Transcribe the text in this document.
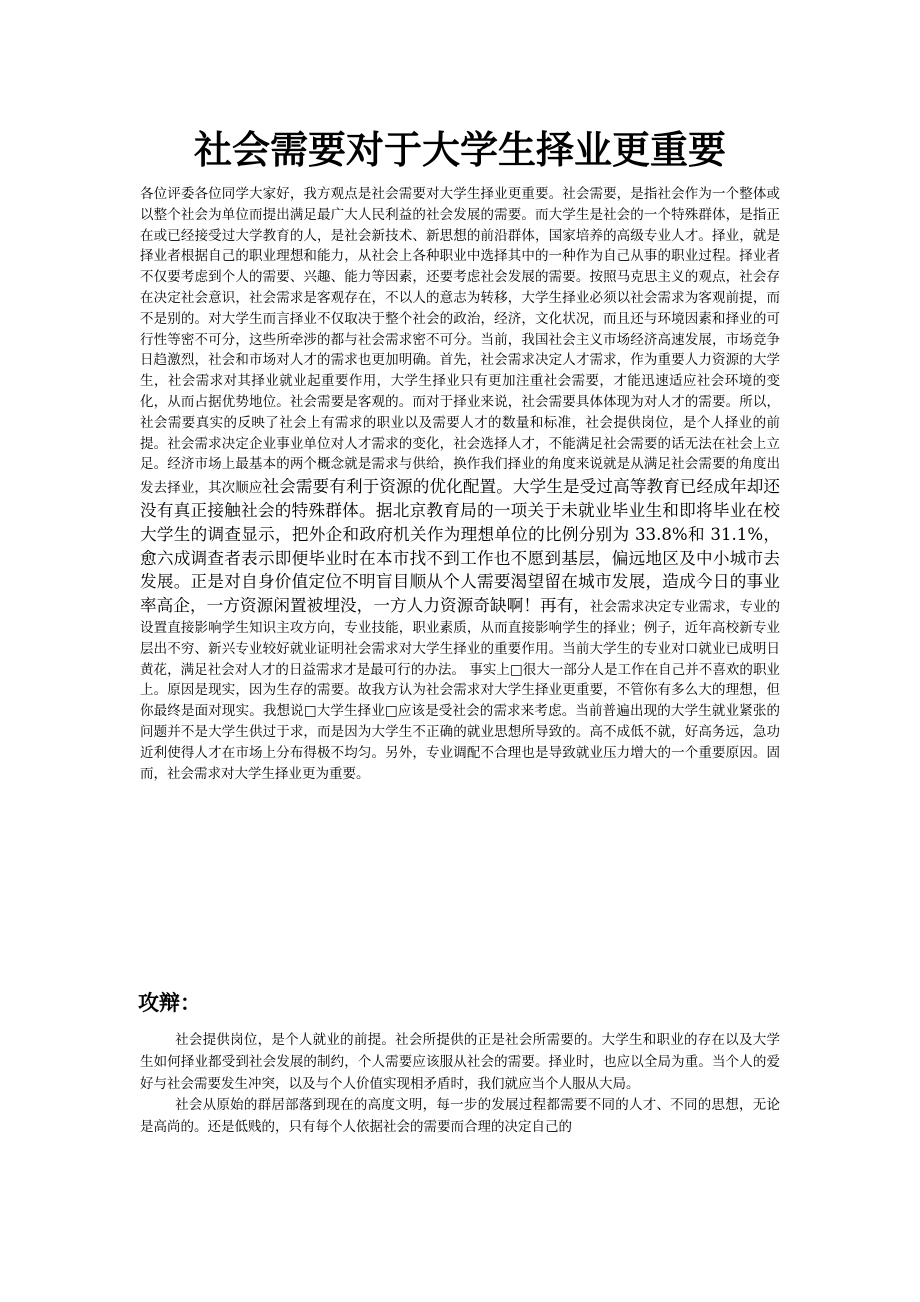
社会需要对于大学生择业更重要

各位评委各位同学大家好，我方观点是社会需要对大学生择业更重要。社会需要，是指社会作为一个整体或以整个社会为单位而提出满足最广大人民利益的社会发展的需要。而大学生是社会的一个特殊群体，是指正在或已经接受过大学教育的人，是社会新技术、新思想的前沿群体，国家培养的高级专业人才。择业，就是择业者根据自己的职业理想和能力，从社会上各种职业中选择其中的一种作为自己从事的职业过程。择业者不仅要考虑到个人的需要、兴趣、能力等因素，还要考虑社会发展的需要。按照马克思主义的观点，社会存在决定社会意识，社会需求是客观存在，不以人的意志为转移，大学生择业必须以社会需求为客观前提，而不是别的。对大学生而言择业不仅取决于整个社会的政治，经济，文化状况，而且还与环境因素和择业的可行性等密不可分，这些所牵涉的都与社会需求密不可分。当前，我国社会主义市场经济高速发展，市场竞争日趋激烈，社会和市场对人才的需求也更加明确。首先，社会需求决定人才需求，作为重要人力资源的大学生，社会需求对其择业就业起重要作用，大学生择业只有更加注重社会需要，才能迅速适应社会环境的变化，从而占据优势地位。社会需要是客观的。而对于择业来说，社会需要具体体现为对人才的需要。所以，社会需要真实的反映了社会上有需求的职业以及需要人才的数量和标准，社会提供岗位，是个人择业的前提。社会需求决定企业事业单位对人才需求的变化，社会选择人才，不能满足社会需要的话无法在社会上立足。经济市场上最基本的两个概念就是需求与供给，换作我们择业的角度来说就是从满足社会需要的角度出发去择业，其次顺应社会需要有利于资源的优化配置。大学生是受过高等教育已经成年却还没有真正接触社会的特殊群体。据北京教育局的一项关于未就业毕业生和即将毕业在校大学生的调查显示，把外企和政府机关作为理想单位的比例分别为 33.8%和 31.1%，愈六成调查者表示即便毕业时在本市找不到工作也不愿到基层，偏远地区及中小城市去发展。正是对自身价值定位不明盲目顺从个人需要渴望留在城市发展，造成今日的事业率高企，一方资源闲置被埋没，一方人力资源奇缺啊！再有，社会需求决定专业需求，专业的设置直接影响学生知识主攻方向，专业技能，职业素质，从而直接影响学生的择业；例子，近年高校新专业层出不穷、新兴专业较好就业证明社会需求对大学生择业的重要作用。当前大学生的专业对口就业已成明日黄花，满足社会对人才的日益需求才是最可行的办法。 事实上□很大一部分人是工作在自己并不喜欢的职业上。原因是现实，因为生存的需要。故我方认为社会需求对大学生择业更重要，不管你有多么大的理想，但你最终是面对现实。我想说□大学生择业□应该是受社会的需求来考虑。当前普遍出现的大学生就业紧张的问题并不是大学生供过于求，而是因为大学生不正确的就业思想所导致的。高不成低不就，好高务远，急功近利使得人才在市场上分布得极不均匀。另外，专业调配不合理也是导致就业压力增大的一个重要原因。固而，社会需求对大学生择业更为重要。

攻辩：

社会提供岗位，是个人就业的前提。社会所提供的正是社会所需要的。大学生和职业的存在以及大学生如何择业都受到社会发展的制约，个人需要应该服从社会的需要。择业时，也应以全局为重。当个人的爱好与社会需要发生冲突，以及与个人价值实现相矛盾时，我们就应当个人服从大局。

社会从原始的群居部落到现在的高度文明，每一步的发展过程都需要不同的人才、不同的思想，无论是高尚的。还是低贱的，只有每个人依据社会的需要而合理的决定自己的
